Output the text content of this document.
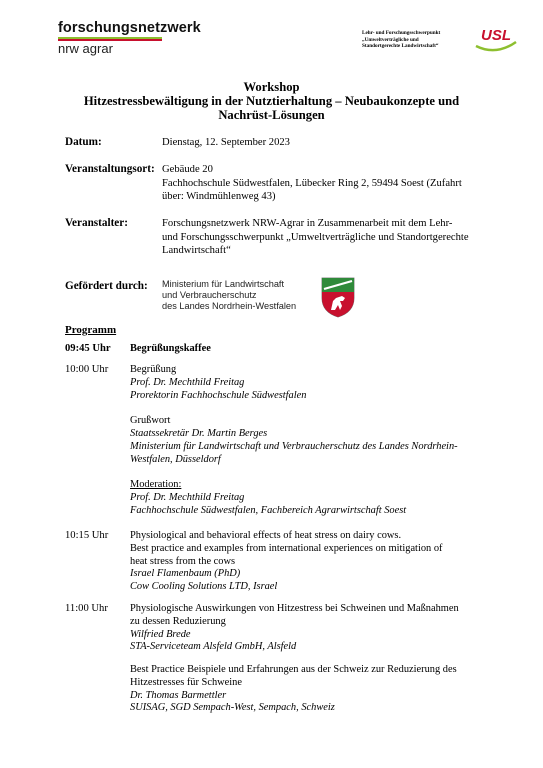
forschungsnetzwerk
nrw agrar
Lehr- und Forschungsschwerpunkt
„Umweltverträgliche und
Standortgerechte Landwirtschaft“
USL
Workshop
Hitzestressbewältigung in der Nutztierhaltung – Neubaukonzepte und
Nachrüst-Lösungen
Datum:	Dienstag, 12. September 2023
Veranstaltungsort: Gebäude 20
Fachhochschule Südwestfalen, Lübecker Ring 2, 59494 Soest (Zufahrt
über: Windmühlenweg 43)
Veranstalter:	Forschungsnetzwerk NRW-Agrar in Zusammenarbeit mit dem Lehr-
und Forschungsschwerpunkt „Umweltverträgliche und Standortgerechte
Landwirtschaft“
Gefördert durch: Ministerium für Landwirtschaft
und Verbraucherschutz
des Landes Nordrhein-Westfalen
Programm
09:45 Uhr Begrüßungskaffee
10:00 Uhr Begrüßung
Prof. Dr. Mechthild Freitag
Prorektorin Fachhochschule Südwestfalen
Grußwort
Staatssekretär Dr. Martin Berges
Ministerium für Landwirtschaft und Verbraucherschutz des Landes Nordrhein-
Westfalen, Düsseldorf
Moderation:
Prof. Dr. Mechthild Freitag
Fachhochschule Südwestfalen, Fachbereich Agrarwirtschaft Soest
10:15 Uhr Physiological and behavioral effects of heat stress on dairy cows.
Best practice and examples from international experiences on mitigation of
heat stress from the cows
Israel Flamenbaum (PhD)
Cow Cooling Solutions LTD, Israel
11:00 Uhr Physiologische Auswirkungen von Hitzestress bei Schweinen und Maßnahmen
zu dessen Reduzierung
Wilfried Brede
STA-Serviceteam Alsfeld GmbH, Alsfeld
Best Practice Beispiele und Erfahrungen aus der Schweiz zur Reduzierung des
Hitzestresses für Schweine
Dr. Thomas Barmettler
SUISAG, SGD Sempach-West, Sempach, Schweiz
